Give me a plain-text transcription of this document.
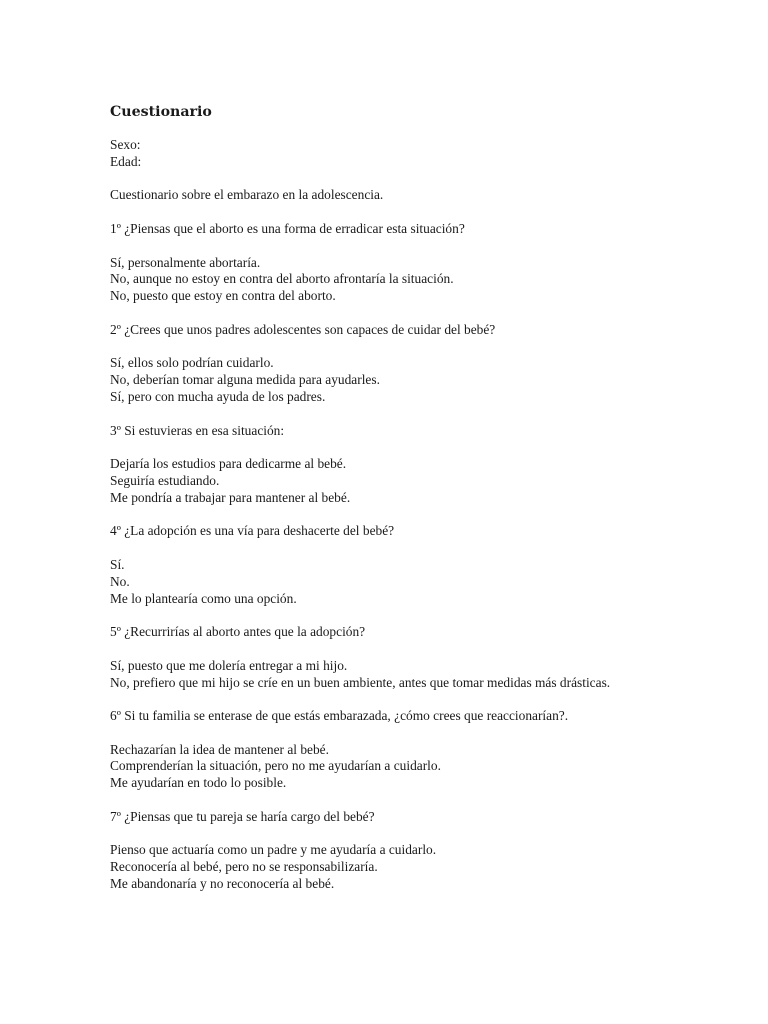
Cuestionario

Sexo:

Edad:

Cuestionario sobre el embarazo en la adolescencia.

1º ¿Piensas que el aborto es una forma de erradicar esta situación?

Sí, personalmente abortaría.

No, aunque no estoy en contra del aborto afrontaría la situación.

No, puesto que estoy en contra del aborto.

2º ¿Crees que unos padres adolescentes son capaces de cuidar del bebé?

Sí, ellos solo podrían cuidarlo.

No, deberían tomar alguna medida para ayudarles.

Sí, pero con mucha ayuda de los padres.

3º Si estuvieras en esa situación:

Dejaría los estudios para dedicarme al bebé.

Seguiría estudiando.

Me pondría a trabajar para mantener al bebé.

4º ¿La adopción es una vía para deshacerte del bebé?

Sí.

No.

Me lo plantearía como una opción.

5º ¿Recurrirías al aborto antes que la adopción?

Sí, puesto que me dolería entregar a mi hijo.

No, prefiero que mi hijo se críe en un buen ambiente, antes que tomar medidas más drásticas.

6º Si tu familia se enterase de que estás embarazada, ¿cómo crees que reaccionarían?.

Rechazarían la idea de mantener al bebé.

Comprenderían la situación, pero no me ayudarían a cuidarlo.

Me ayudarían en todo lo posible.

7º ¿Piensas que tu pareja se haría cargo del bebé?

Pienso que actuaría como un padre y me ayudaría a cuidarlo.

Reconocería al bebé, pero no se responsabilizaría.

Me abandonaría y no reconocería al bebé.
